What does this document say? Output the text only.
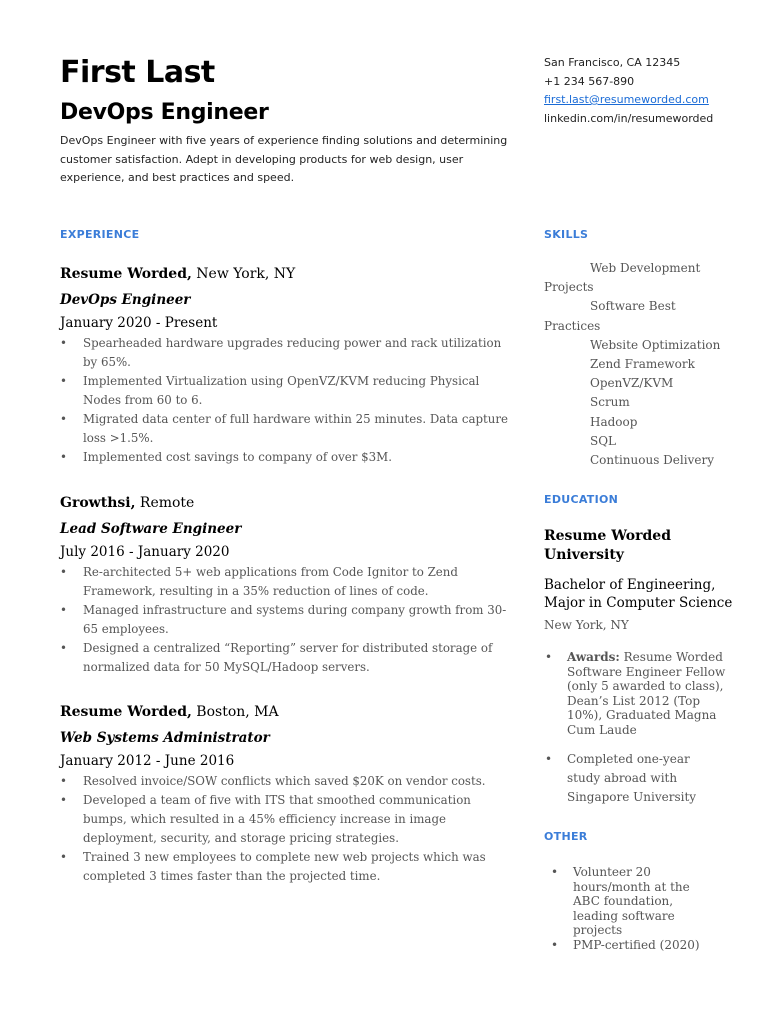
First Last
DevOps Engineer
DevOps Engineer with five years of experience finding solutions and determining customer satisfaction. Adept in developing products for web design, user experience, and best practices and speed.
San Francisco, CA 12345
+1 234 567-890
first.last@resumeworded.com
linkedin.com/in/resumeworded
EXPERIENCE
Resume Worded, New York, NY
DevOps Engineer
January 2020 - Present
• Spearheaded hardware upgrades reducing power and rack utilization by 65%.
• Implemented Virtualization using OpenVZ/KVM reducing Physical Nodes from 60 to 6.
• Migrated data center of full hardware within 25 minutes. Data capture loss >1.5%.
• Implemented cost savings to company of over $3M.
Growthsi, Remote
Lead Software Engineer
July 2016 - January 2020
• Re-architected 5+ web applications from Code Ignitor to Zend Framework, resulting in a 35% reduction of lines of code.
• Managed infrastructure and systems during company growth from 30-65 employees.
• Designed a centralized “Reporting” server for distributed storage of normalized data for 50 MySQL/Hadoop servers.
Resume Worded, Boston, MA
Web Systems Administrator
January 2012 - June 2016
• Resolved invoice/SOW conflicts which saved $20K on vendor costs.
• Developed a team of five with ITS that smoothed communication bumps, which resulted in a 45% efficiency increase in image deployment, security, and storage pricing strategies.
• Trained 3 new employees to complete new web projects which was completed 3 times faster than the projected time.
SKILLS
Web Development Projects
Software Best Practices
Website Optimization
Zend Framework
OpenVZ/KVM
Scrum
Hadoop
SQL
Continuous Delivery
EDUCATION
Resume Worded University
Bachelor of Engineering, Major in Computer Science
New York, NY
• Awards: Resume Worded Software Engineer Fellow (only 5 awarded to class), Dean’s List 2012 (Top 10%), Graduated Magna Cum Laude
• Completed one-year study abroad with Singapore University
OTHER
• Volunteer 20 hours/month at the ABC foundation, leading software projects
• PMP-certified (2020)
